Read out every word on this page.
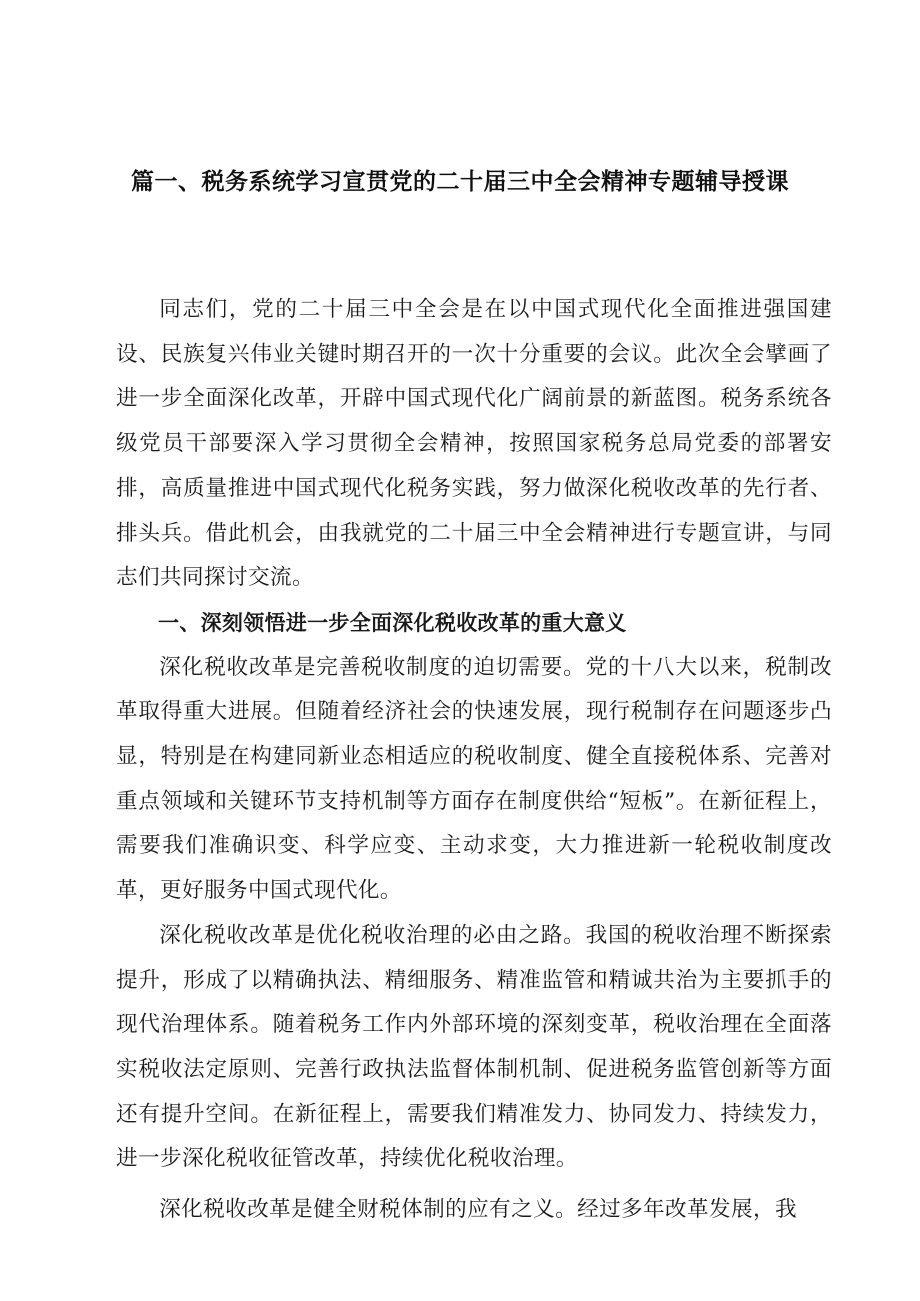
篇一、税务系统学习宣贯党的二十届三中全会精神专题辅导授课

同志们，党的二十届三中全会是在以中国式现代化全面推进强国建设、民族复兴伟业关键时期召开的一次十分重要的会议。此次全会擘画了进一步全面深化改革，开辟中国式现代化广阔前景的新蓝图。税务系统各级党员干部要深入学习贯彻全会精神，按照国家税务总局党委的部署安排，高质量推进中国式现代化税务实践，努力做深化税收改革的先行者、排头兵。借此机会，由我就党的二十届三中全会精神进行专题宣讲，与同志们共同探讨交流。

一、深刻领悟进一步全面深化税收改革的重大意义

深化税收改革是完善税收制度的迫切需要。党的十八大以来，税制改革取得重大进展。但随着经济社会的快速发展，现行税制存在问题逐步凸显，特别是在构建同新业态相适应的税收制度、健全直接税体系、完善对重点领域和关键环节支持机制等方面存在制度供给“短板”。在新征程上，需要我们准确识变、科学应变、主动求变，大力推进新一轮税收制度改革，更好服务中国式现代化。

深化税收改革是优化税收治理的必由之路。我国的税收治理不断探索提升，形成了以精确执法、精细服务、精准监管和精诚共治为主要抓手的现代治理体系。随着税务工作内外部环境的深刻变革，税收治理在全面落实税收法定原则、完善行政执法监督体制机制、促进税务监管创新等方面还有提升空间。在新征程上，需要我们精准发力、协同发力、持续发力，进一步深化税收征管改革，持续优化税收治理。

深化税收改革是健全财税体制的应有之义。经过多年改革发展，我
